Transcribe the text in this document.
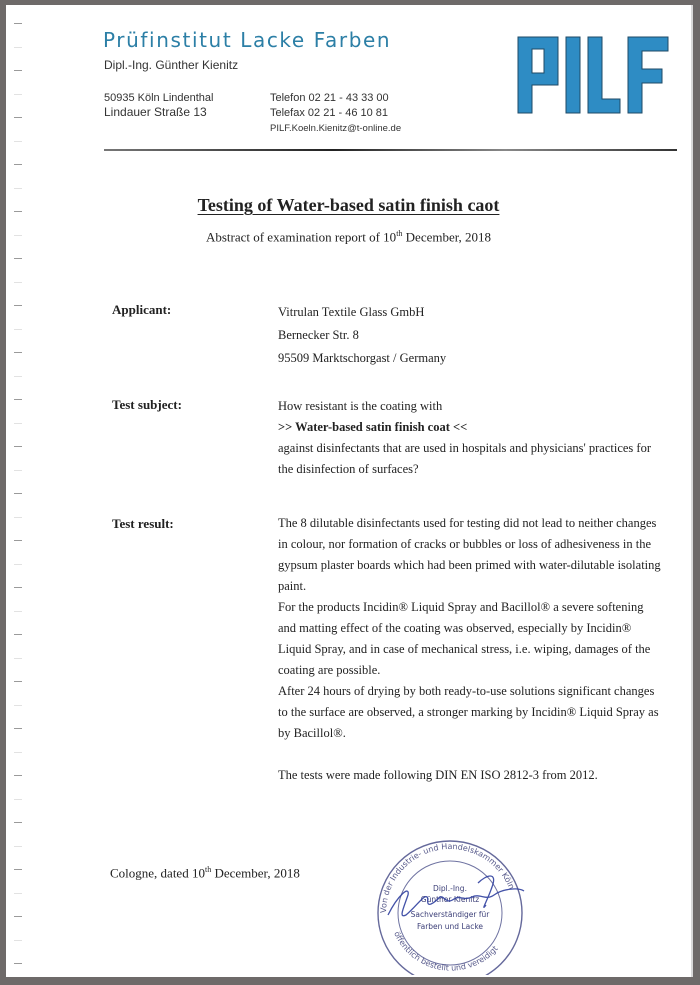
Prüfinstitut Lacke Farben
Dipl.-Ing. Günther Kienitz
50935 Köln Lindenthal
Lindauer Straße 13
Telefon 02 21 - 43 33 00
Telefax 02 21 - 46 10 81
PILF.Koeln.Kienitz@t-online.de
Testing of Water-based satin finish caot
Abstract of examination report of 10th December, 2018
Applicant:	Vitrulan Textile Glass GmbH

Bernecker Str. 8

95509 Marktschorgast / Germany

Test subject:	How resistant is the coating with

>> Water-based satin finish coat <<

against disinfectants that are used in hospitals and physicians' practices for the disinfection of surfaces?

Test result:	The 8 dilutable disinfectants used for testing did not lead to neither changes in colour, nor formation of cracks or bubbles or loss of adhesiveness in the gypsum plaster boards which had been primed with water-dilutable isolating paint.

For the products Incidin® Liquid Spray and Bacillol® a severe softening and matting effect of the coating was observed, especially by Incidin® Liquid Spray, and in case of mechanical stress, i.e. wiping, damages of the coating are possible.

After 24 hours of drying by both ready-to-use solutions significant changes to the surface are observed, a stronger marking by Incidin® Liquid Spray as by Bacillol®.

The tests were made following DIN EN ISO 2812-3 from 2012.

Cologne, dated 10th December, 2018
Von der Industrie- und Handelskammer Köln
öffentlich bestellt und vereidigt
Dipl.-Ing.
Günther Kienitz
Sachverständiger für
Farben und Lacke
